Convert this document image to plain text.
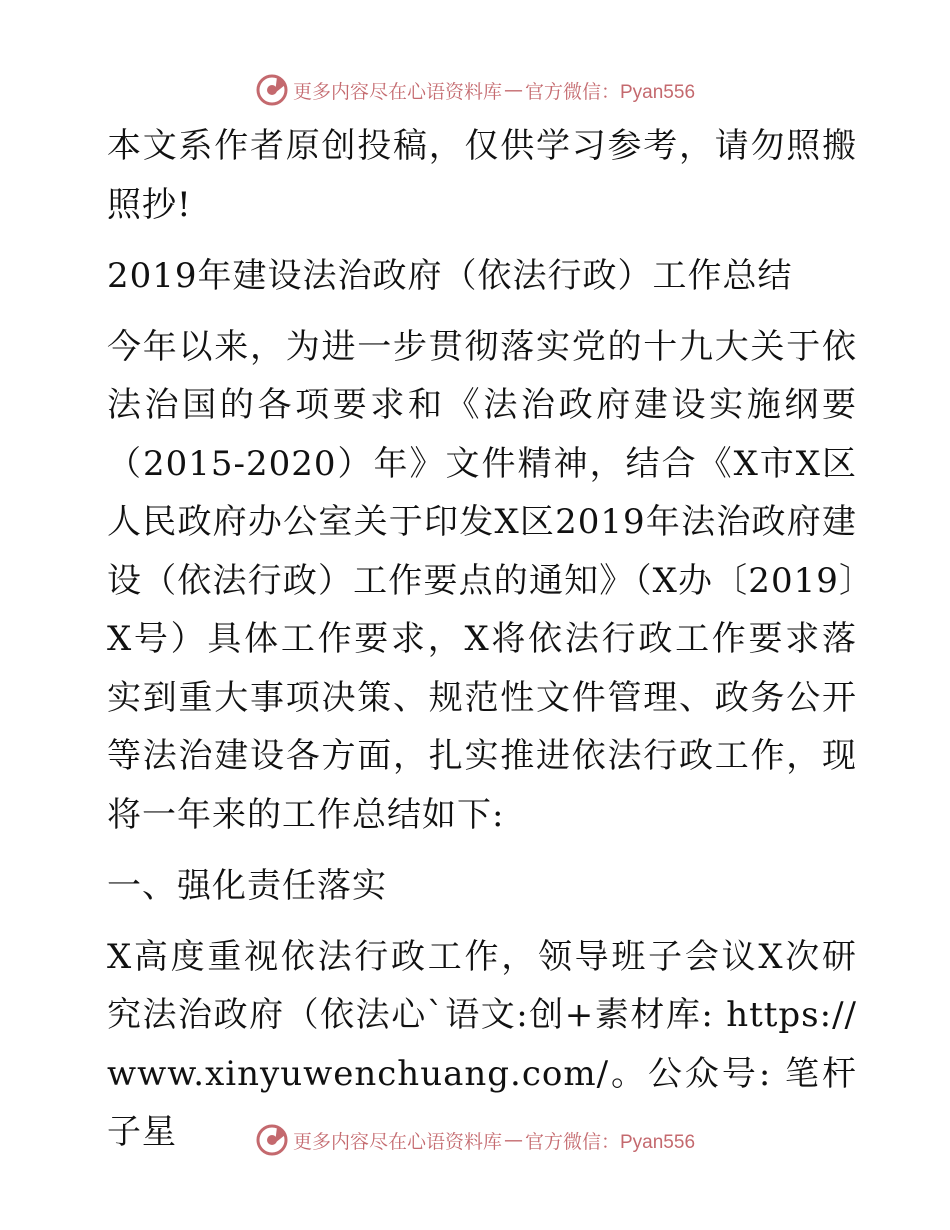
更多内容尽在心语资料库 — 官方微信：Pyan556

本文系作者原创投稿，仅供学习参考，请勿照搬照抄!

2019年建设法治政府（依法行政）工作总结

今年以来，为进一步贯彻落实党的十九大关于依法治国的各项要求和《法治政府建设实施纲要（2015-2020）年》文件精神，结合《X市X区人民政府办公室关于印发X区2019年法治政府建设（依法行政）工作要点的通知》（X办〔2019〕X号）具体工作要求，X将依法行政工作要求落实到重大事项决策、规范性文件管理、政务公开等法治建设各方面，扎实推进依法行政工作，现将一年来的工作总结如下:

一、强化责任落实

X高度重视依法行政工作，领导班子会议X次研究法治政府（依法心`语文:创+素材库: https:// www.xinyuwenchuang.com/。公众号: 笔杆子星	更多内容尽在心语资料库 — 官方微信：Pyan556
